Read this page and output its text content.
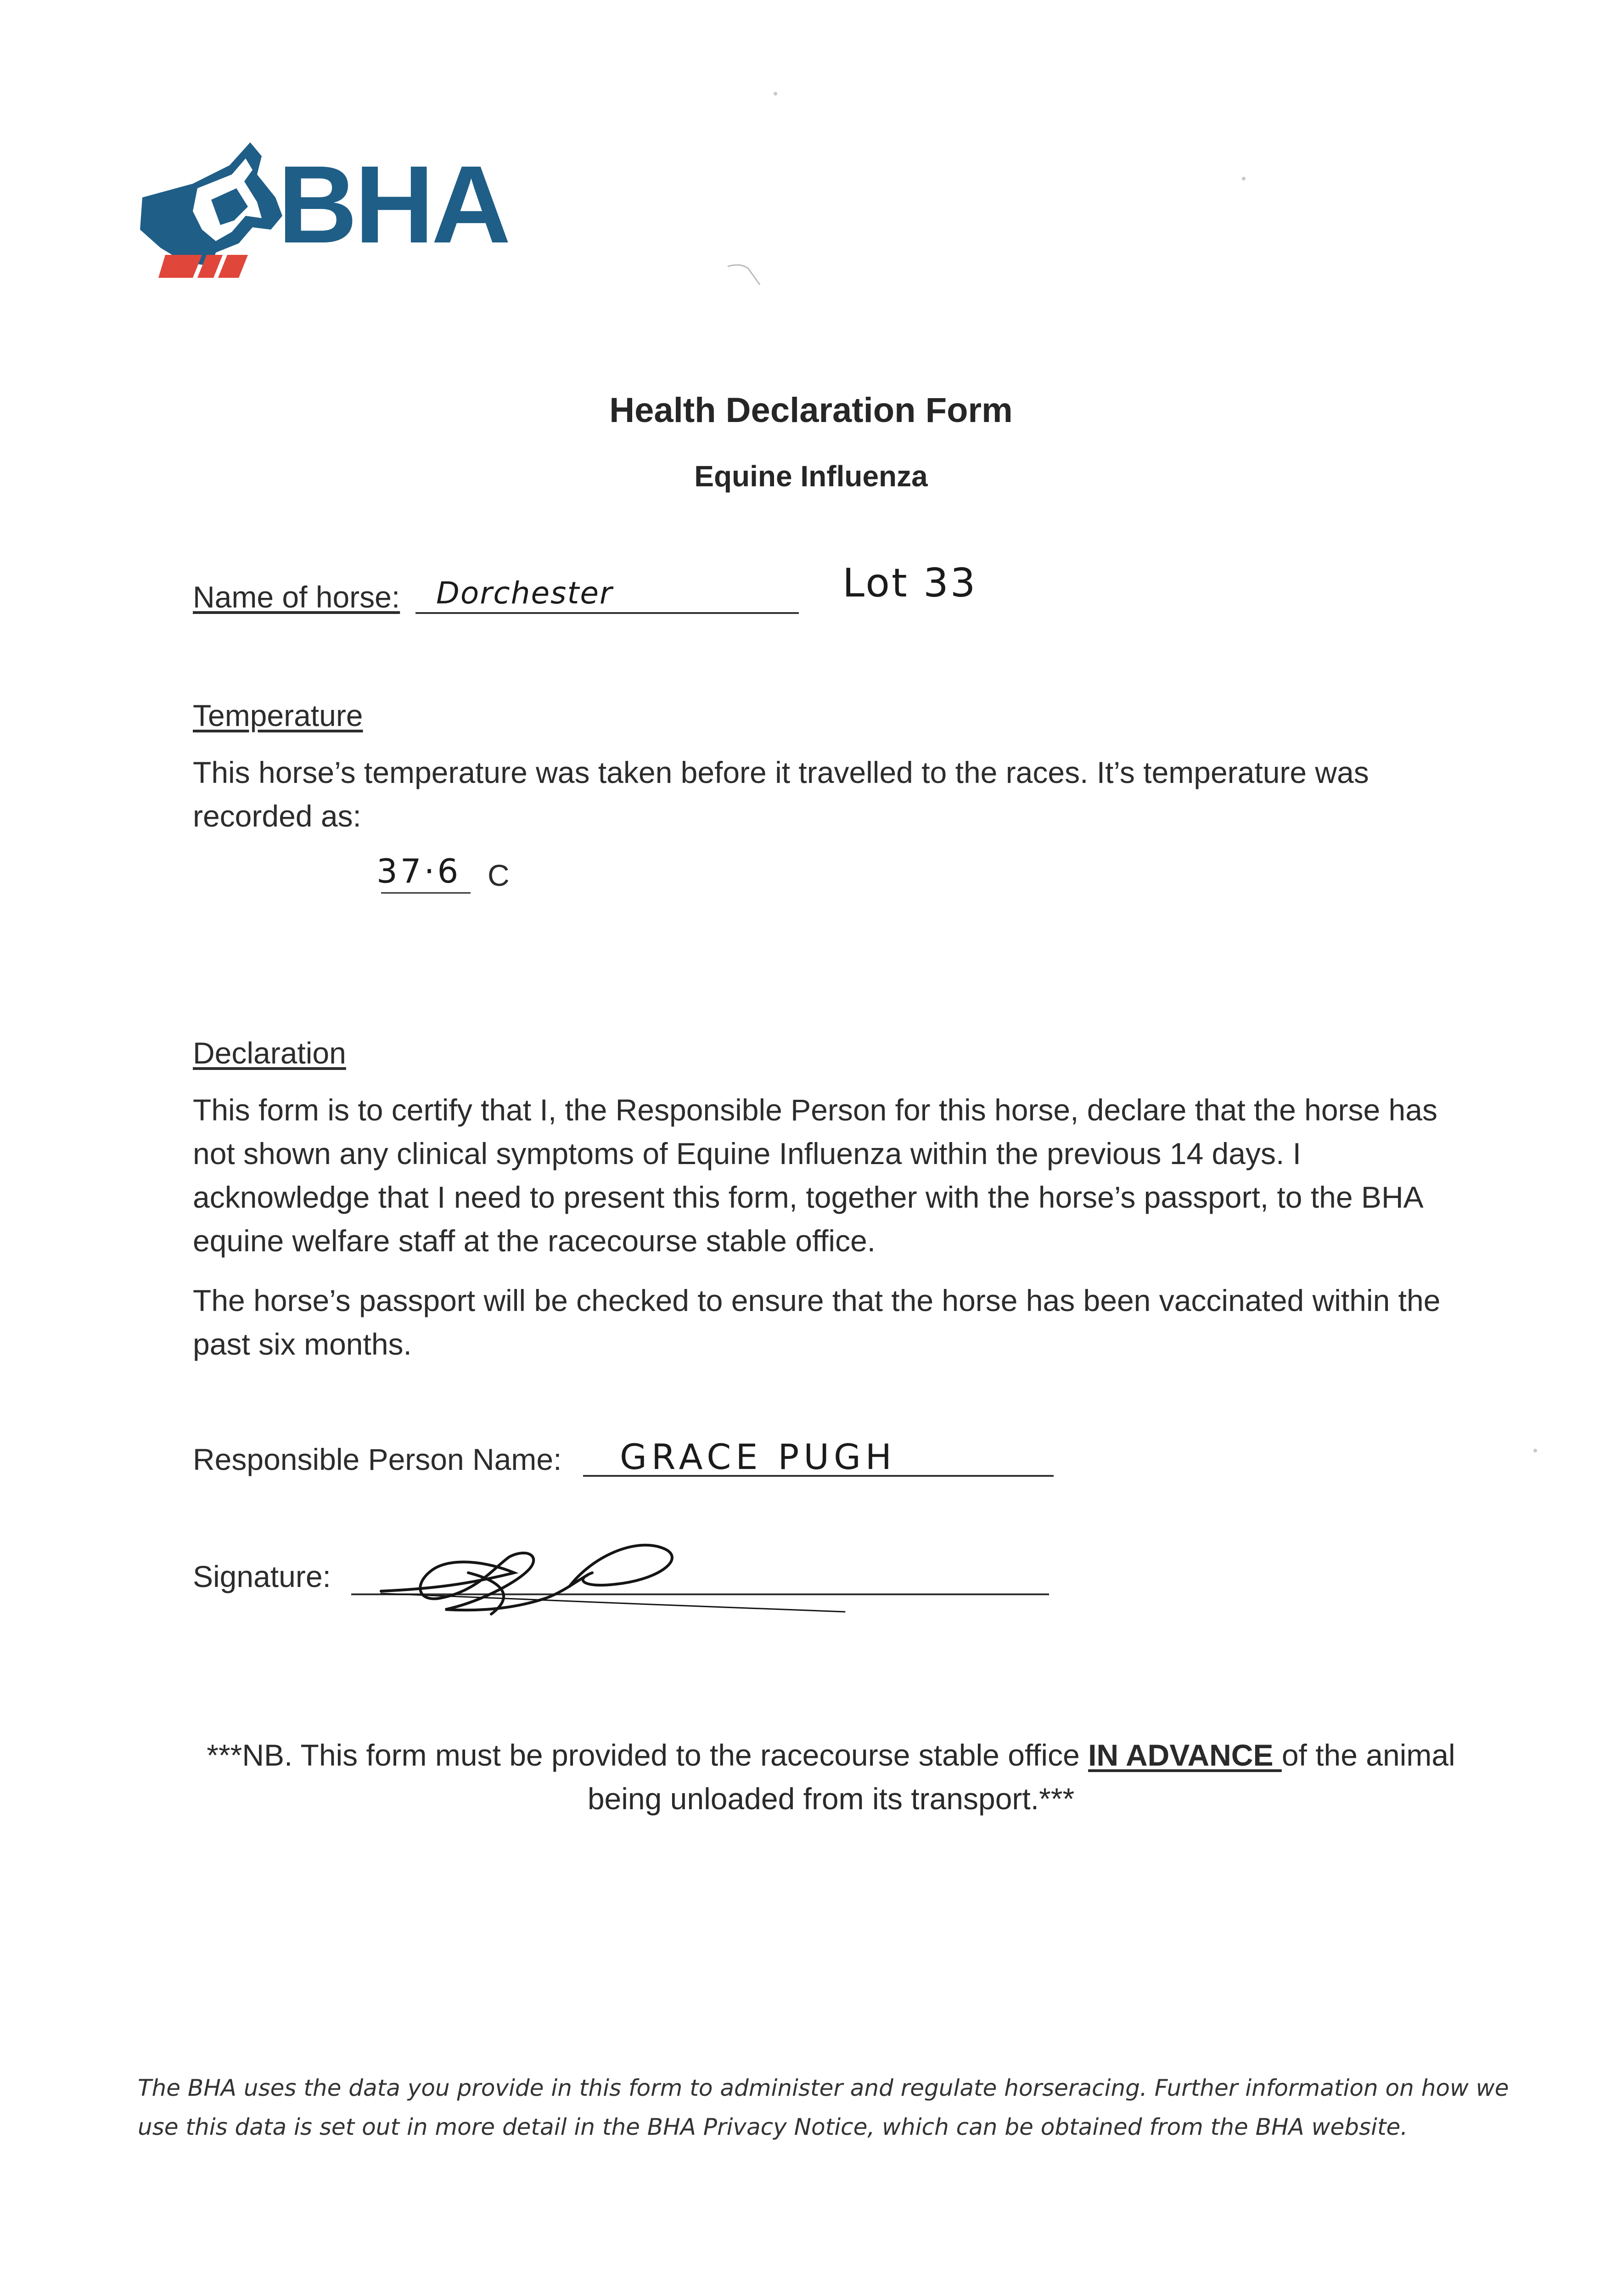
BHA
Health Declaration Form
Equine Influenza
Name of horse: Dorchester	Lot 33
Temperature
This horse’s temperature was taken before it travelled to the races. It’s temperature was recorded as:
37·6 C
Declaration
This form is to certify that I, the Responsible Person for this horse, declare that the horse has not shown any clinical symptoms of Equine Influenza within the previous 14 days. I acknowledge that I need to present this form, together with the horse’s passport, to the BHA equine welfare staff at the racecourse stable office.
The horse’s passport will be checked to ensure that the horse has been vaccinated within the past six months.
Responsible Person Name: GRACE PUGH
Signature:
***NB. This form must be provided to the racecourse stable office IN ADVANCE of the animal being unloaded from its transport.***
The BHA uses the data you provide in this form to administer and regulate horseracing. Further information on how we use this data is set out in more detail in the BHA Privacy Notice, which can be obtained from the BHA website.
